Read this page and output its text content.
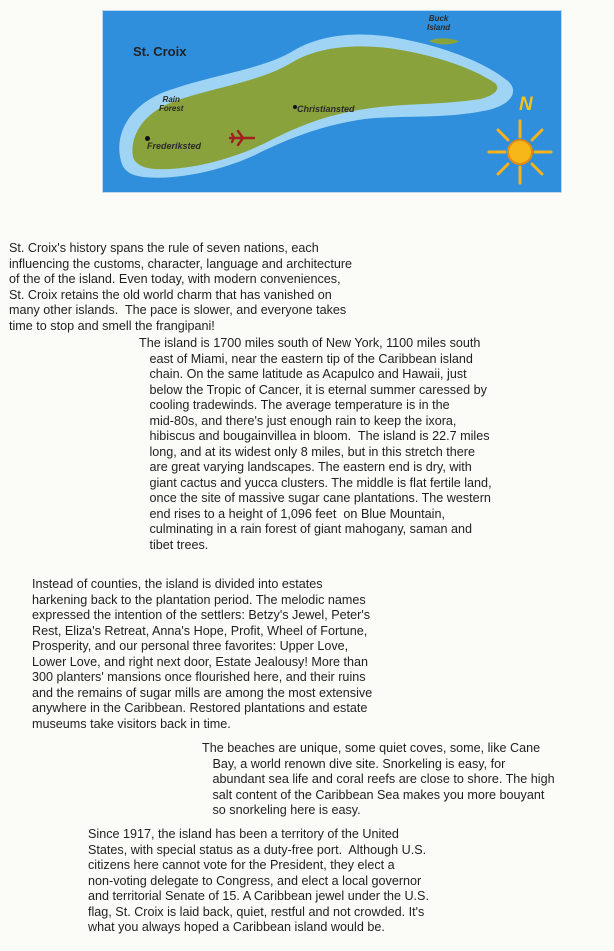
St. Croix
Buck
Island
Rain
Forest	Christiansted
Frederiksted
N

St. Croix's history spans the rule of seven nations, each
influencing the customs, character, language and architecture
of the of the island. Even today, with modern conveniences,
St. Croix retains the old world charm that has vanished on
many other islands.  The pace is slower, and everyone takes
time to stop and smell the frangipani!

The island is 1700 miles south of New York, 1100 miles south
east of Miami, near the eastern tip of the Caribbean island
chain. On the same latitude as Acapulco and Hawaii, just
below the Tropic of Cancer, it is eternal summer caressed by
cooling tradewinds. The average temperature is in the
mid-80s, and there's just enough rain to keep the ixora,
hibiscus and bougainvillea in bloom.  The island is 22.7 miles
long, and at its widest only 8 miles, but in this stretch there
are great varying landscapes. The eastern end is dry, with
giant cactus and yucca clusters. The middle is flat fertile land,
once the site of massive sugar cane plantations. The western
end rises to a height of 1,096 feet  on Blue Mountain,
culminating in a rain forest of giant mahogany, saman and
tibet trees.

Instead of counties, the island is divided into estates
harkening back to the plantation period. The melodic names
expressed the intention of the settlers: Betzy's Jewel, Peter's
Rest, Eliza's Retreat, Anna's Hope, Profit, Wheel of Fortune,
Prosperity, and our personal three favorites: Upper Love,
Lower Love, and right next door, Estate Jealousy! More than
300 planters' mansions once flourished here, and their ruins
and the remains of sugar mills are among the most extensive
anywhere in the Caribbean. Restored plantations and estate
museums take visitors back in time.

The beaches are unique, some quiet coves, some, like Cane
Bay, a world renown dive site. Snorkeling is easy, for
abundant sea life and coral reefs are close to shore. The high
salt content of the Caribbean Sea makes you more bouyant
so snorkeling here is easy.

Since 1917, the island has been a territory of the United
States, with special status as a duty-free port.  Although U.S.
citizens here cannot vote for the President, they elect a
non-voting delegate to Congress, and elect a local governor
and territorial Senate of 15. A Caribbean jewel under the U.S.
flag, St. Croix is laid back, quiet, restful and not crowded. It's
what you always hoped a Caribbean island would be.
